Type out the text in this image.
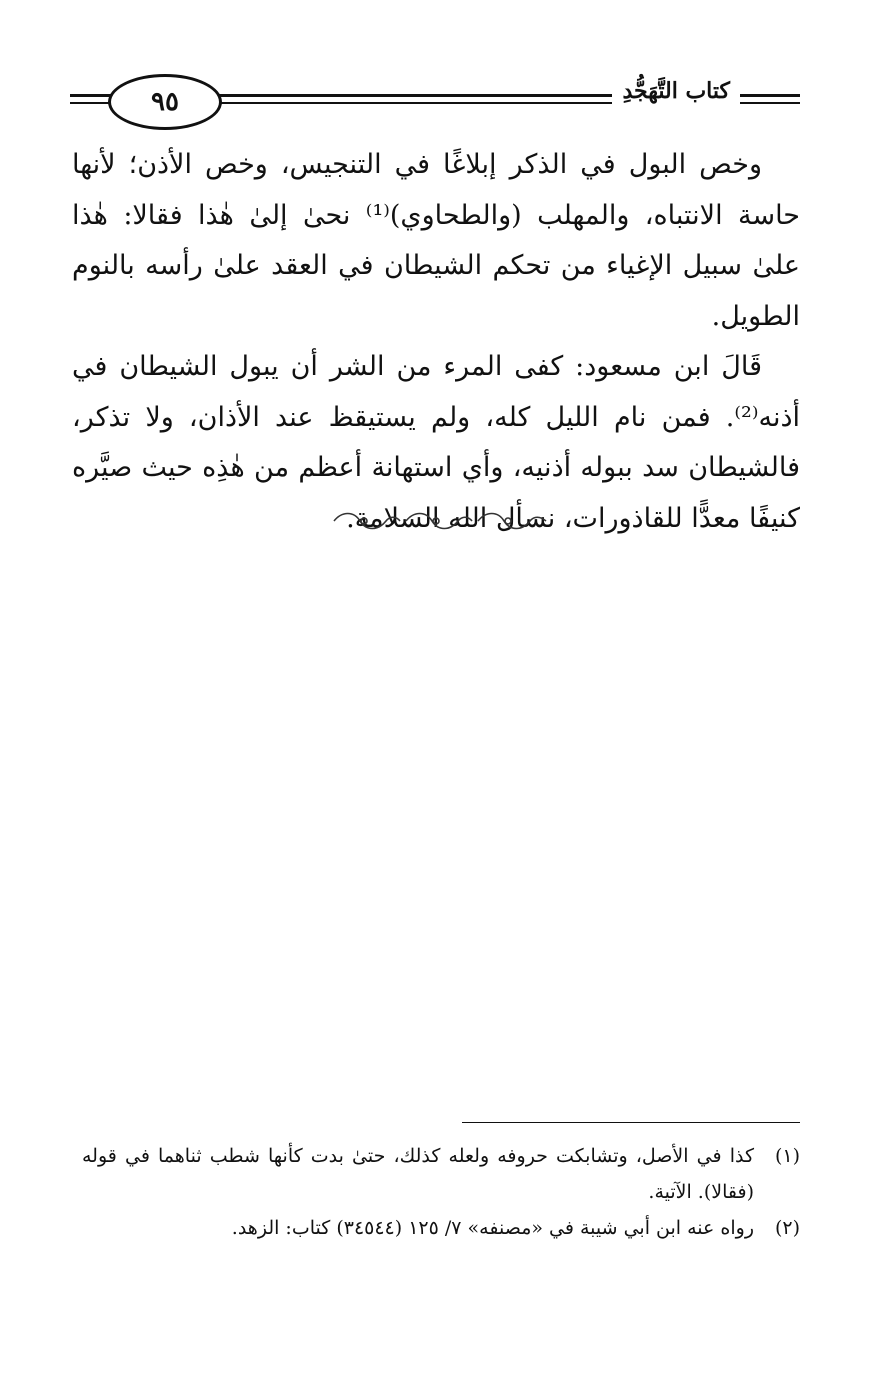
٩٥	كتاب التَّهَجُّدِ

وخص البول في الذكر إبلاغًا في التنجيس، وخص الأذن؛ لأنها حاسة الانتباه، والمهلب (والطحاوي)⁽¹⁾ نحىٰ إلىٰ هٰذا فقالا: هٰذا علىٰ سبيل الإغياء من تحكم الشيطان في العقد علىٰ رأسه بالنوم الطويل.

قَالَ ابن مسعود: كفى المرء من الشر أن يبول الشيطان في أذنه⁽²⁾. فمن نام الليل كله، ولم يستيقظ عند الأذان، ولا تذكر، فالشيطان سد ببوله أذنيه، وأي استهانة أعظم من هٰذِه حيث صيَّره كنيفًا معدًّا للقاذورات، نسأل الله السلامة.

(١)
كذا في الأصل، وتشابكت حروفه ولعله كذلك، حتىٰ بدت كأنها شطب ثناهما في قوله (فقالا). الآتية.
(٢)
رواه عنه ابن أبي شيبة في «مصنفه» ٧/ ١٢٥ (٣٤٥٤٤) كتاب: الزهد.
